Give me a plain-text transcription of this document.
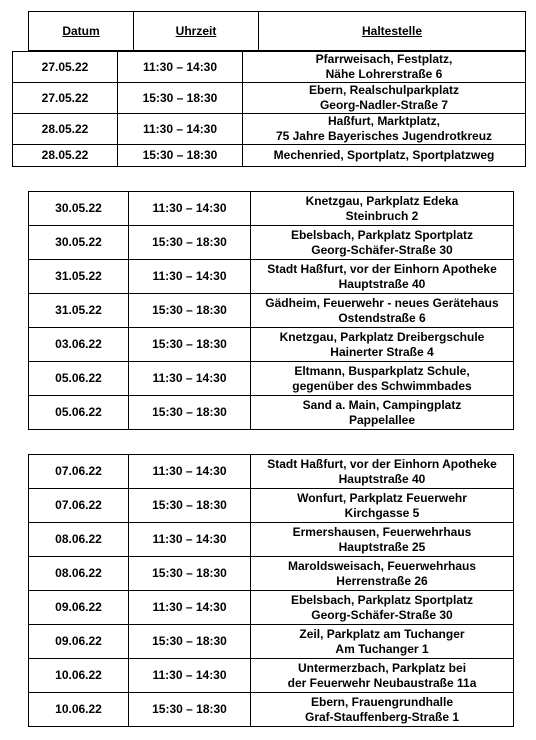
Datum	Uhrzeit	Haltestelle
27.05.22	11:30 – 14:30	Pfarrweisach, Festplatz,
Nähe Lohrerstraße 6

27.05.22	15:30 – 18:30	Ebern, Realschulparkplatz
Georg-Nadler-Straße 7

28.05.22	11:30 – 14:30	Haßfurt, Marktplatz,
75 Jahre Bayerisches Jugendrotkreuz

28.05.22	15:30 – 18:30	Mechenried, Sportplatz, Sportplatzweg
30.05.22	11:30 – 14:30	Knetzgau, Parkplatz Edeka
Steinbruch 2

30.05.22	15:30 – 18:30	Ebelsbach, Parkplatz Sportplatz
Georg-Schäfer-Straße 30

31.05.22	11:30 – 14:30	Stadt Haßfurt, vor der Einhorn Apotheke
Hauptstraße 40

31.05.22	15:30 – 18:30	Gädheim, Feuerwehr - neues Gerätehaus
Ostendstraße 6

03.06.22	15:30 – 18:30	Knetzgau, Parkplatz Dreibergschule
Hainerter Straße 4

05.06.22	11:30 – 14:30	Eltmann, Busparkplatz Schule,
gegenüber des Schwimmbades

05.06.22	15:30 – 18:30	Sand a. Main, Campingplatz
Pappelallee
07.06.22	11:30 – 14:30	Stadt Haßfurt, vor der Einhorn Apotheke
Hauptstraße 40

07.06.22	15:30 – 18:30	Wonfurt, Parkplatz Feuerwehr
Kirchgasse 5

08.06.22	11:30 – 14:30	Ermershausen, Feuerwehrhaus
Hauptstraße 25

08.06.22	15:30 – 18:30	Maroldsweisach, Feuerwehrhaus
Herrenstraße 26

09.06.22	11:30 – 14:30	Ebelsbach, Parkplatz Sportplatz
Georg-Schäfer-Straße 30

09.06.22	15:30 – 18:30	Zeil, Parkplatz am Tuchanger
Am Tuchanger 1

10.06.22	11:30 – 14:30	Untermerzbach, Parkplatz bei
der Feuerwehr Neubaustraße 11a

10.06.22	15:30 – 18:30	Ebern, Frauengrundhalle
Graf-Stauffenberg-Straße 1
